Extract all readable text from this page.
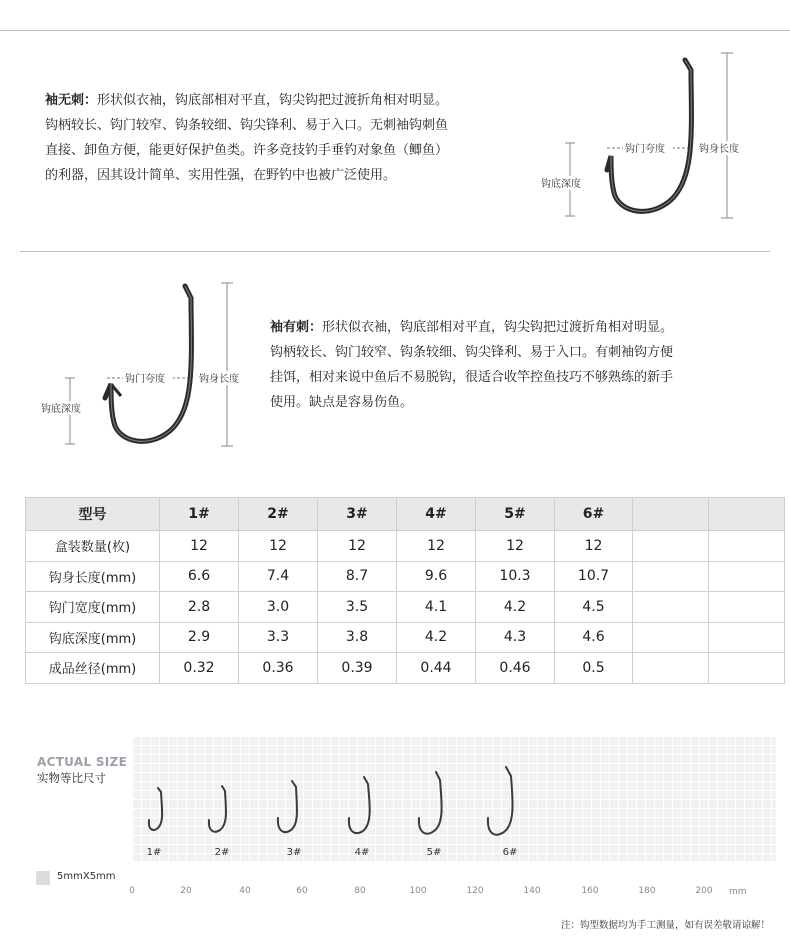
袖无刺：形状似衣袖，钩底部相对平直，钩尖钩把过渡折角相对明显。
钩柄较长、钩门较窄、钩条较细、钩尖锋利、易于入口。无刺袖钩刺鱼
直接、卸鱼方便，能更好保护鱼类。许多竞技钓手垂钓对象鱼（鲫鱼）
的利器，因其设计简单、实用性强，在野钓中也被广泛使用。
钩门夸度	钩身长度
钩底深度
钩门夸度	钩身长度
钩底深度
袖有刺：形状似衣袖，钩底部相对平直，钩尖钩把过渡折角相对明显。
钩柄较长、钩门较窄、钩条较细、钩尖锋利、易于入口。有刺袖钩方便
挂饵，相对来说中鱼后不易脱钩，很适合收竿控鱼技巧不够熟练的新手
使用。缺点是容易伤鱼。
型号	1#	2#	3#	4#	5#	6#		
盒装数量(枚)	12	12	12	12	12	12		
钩身长度(mm)	6.6	7.4	8.7	9.6	10.3	10.7		
钩门宽度(mm)	2.8	3.0	3.5	4.1	4.2	4.5		
钩底深度(mm)	2.9	3.3	3.8	4.2	4.3	4.6		
成品丝径(mm)	0.32	0.36	0.39	0.44	0.46	0.5		
ACTUAL SIZE
实物等比尺寸
1#	2#	3#	4#	5#	6#
5mmX5mm
0	20	40	60	80	100	120	140	160	180	200 mm
注：钩型数据均为手工测量，如有误差敬请谅解！
